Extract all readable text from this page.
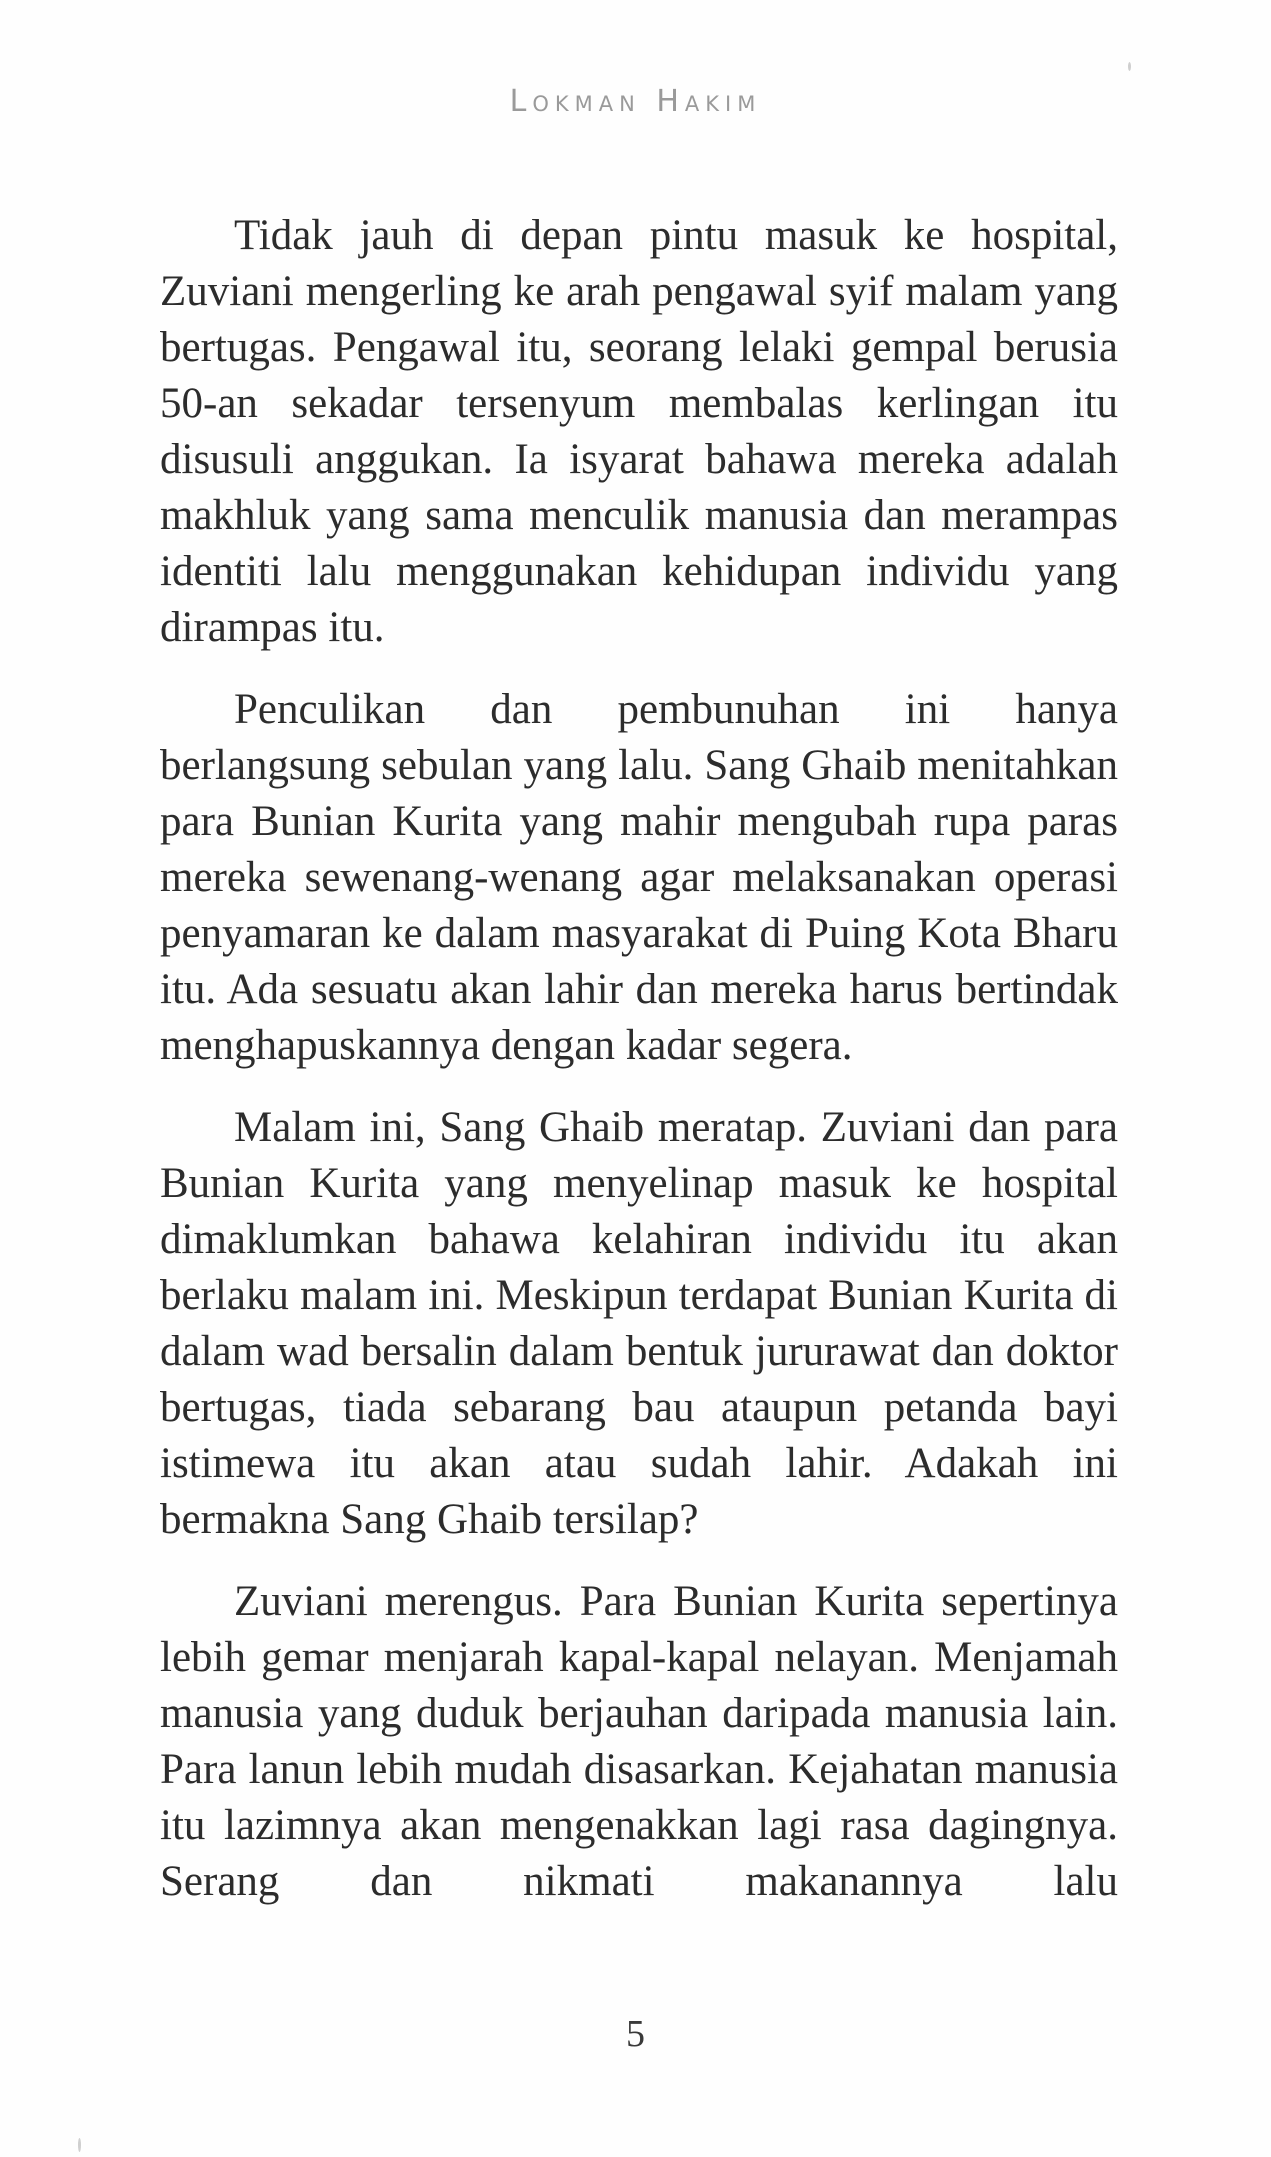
Lokman Hakim

Tidak jauh di depan pintu masuk ke hospital, Zuviani mengerling ke arah pengawal syif malam yang bertugas. Pengawal itu, seorang lelaki gempal berusia 50-an sekadar tersenyum membalas kerlingan itu disusuli anggukan. Ia isyarat bahawa mereka adalah makhluk yang sama menculik manusia dan merampas identiti lalu menggunakan kehidupan individu yang dirampas itu.

Penculikan dan pembunuhan ini hanya berlangsung sebulan yang lalu. Sang Ghaib menitahkan para Bunian Kurita yang mahir mengubah rupa paras mereka sewenang-wenang agar melaksanakan operasi penyamaran ke dalam masyarakat di Puing Kota Bharu itu. Ada sesuatu akan lahir dan mereka harus bertindak menghapuskannya dengan kadar segera.

Malam ini, Sang Ghaib meratap. Zuviani dan para Bunian Kurita yang menyelinap masuk ke hospital dimaklumkan bahawa kelahiran individu itu akan berlaku malam ini. Meskipun terdapat Bunian Kurita di dalam wad bersalin dalam bentuk jururawat dan doktor bertugas, tiada sebarang bau ataupun petanda bayi istimewa itu akan atau sudah lahir. Adakah ini bermakna Sang Ghaib tersilap?

Zuviani merengus. Para Bunian Kurita sepertinya lebih gemar menjarah kapal-kapal nelayan. Menjamah manusia yang duduk berjauhan daripada manusia lain. Para lanun lebih mudah disasarkan. Kejahatan manusia itu lazimnya akan mengenakkan lagi rasa dagingnya. Serang dan nikmati makanannya lalu

5
